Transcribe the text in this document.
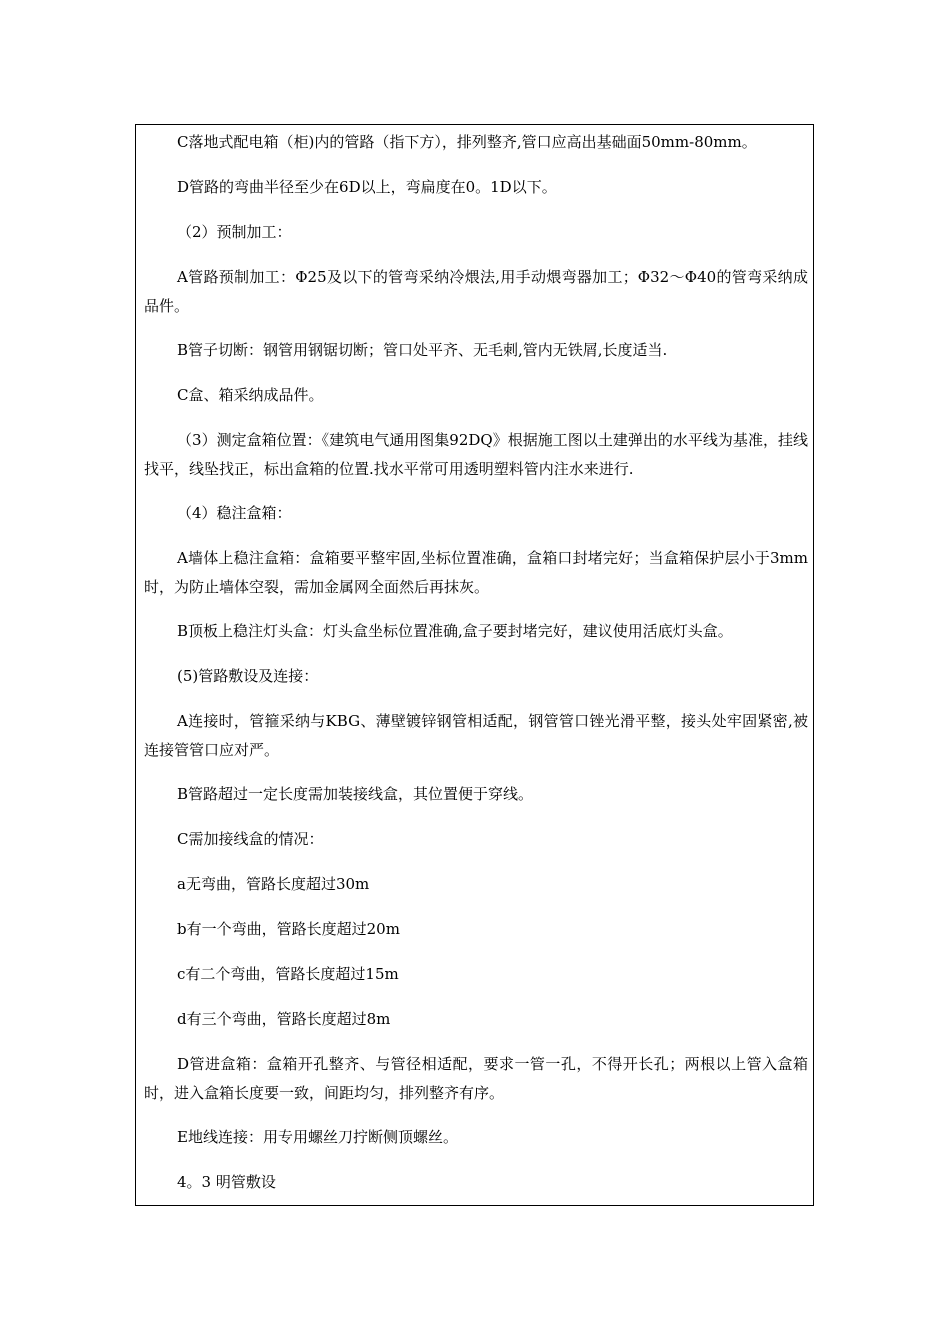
C落地式配电箱（柜)内的管路（指下方），排列整齐,管口应高出基础面50mm-80mm。

D管路的弯曲半径至少在6D以上，弯扁度在0。1D以下。

（2）预制加工：

A管路预制加工：Φ25及以下的管弯采纳冷煨法,用手动煨弯器加工；Φ32～Φ40的管弯采纳成品件。

B管子切断：钢管用钢锯切断；管口处平齐、无毛刺,管内无铁屑,长度适当.

C盒、箱采纳成品件。

（3）测定盒箱位置：《建筑电气通用图集92DQ》根据施工图以土建弹出的水平线为基准，挂线找平，线坠找正，标出盒箱的位置.找水平常可用透明塑料管内注水来进行.

（4）稳注盒箱：

A墙体上稳注盒箱：盒箱要平整牢固,坐标位置准确，盒箱口封堵完好；当盒箱保护层小于3mm时，为防止墙体空裂，需加金属网全面然后再抹灰。

B顶板上稳注灯头盒：灯头盒坐标位置准确,盒子要封堵完好，建议使用活底灯头盒。

(5)管路敷设及连接：

A连接时，管箍采纳与KBG、薄壁镀锌钢管相适配，钢管管口锉光滑平整，接头处牢固紧密,被连接管管口应对严。

B管路超过一定长度需加装接线盒，其位置便于穿线。

C需加接线盒的情况：

a无弯曲，管路长度超过30m

b有一个弯曲，管路长度超过20m

c有二个弯曲，管路长度超过15m

d有三个弯曲，管路长度超过8m

D管进盒箱：盒箱开孔整齐、与管径相适配，要求一管一孔，不得开长孔；两根以上管入盒箱时，进入盒箱长度要一致，间距均匀，排列整齐有序。

E地线连接：用专用螺丝刀拧断侧顶螺丝。

4。3 明管敷设
